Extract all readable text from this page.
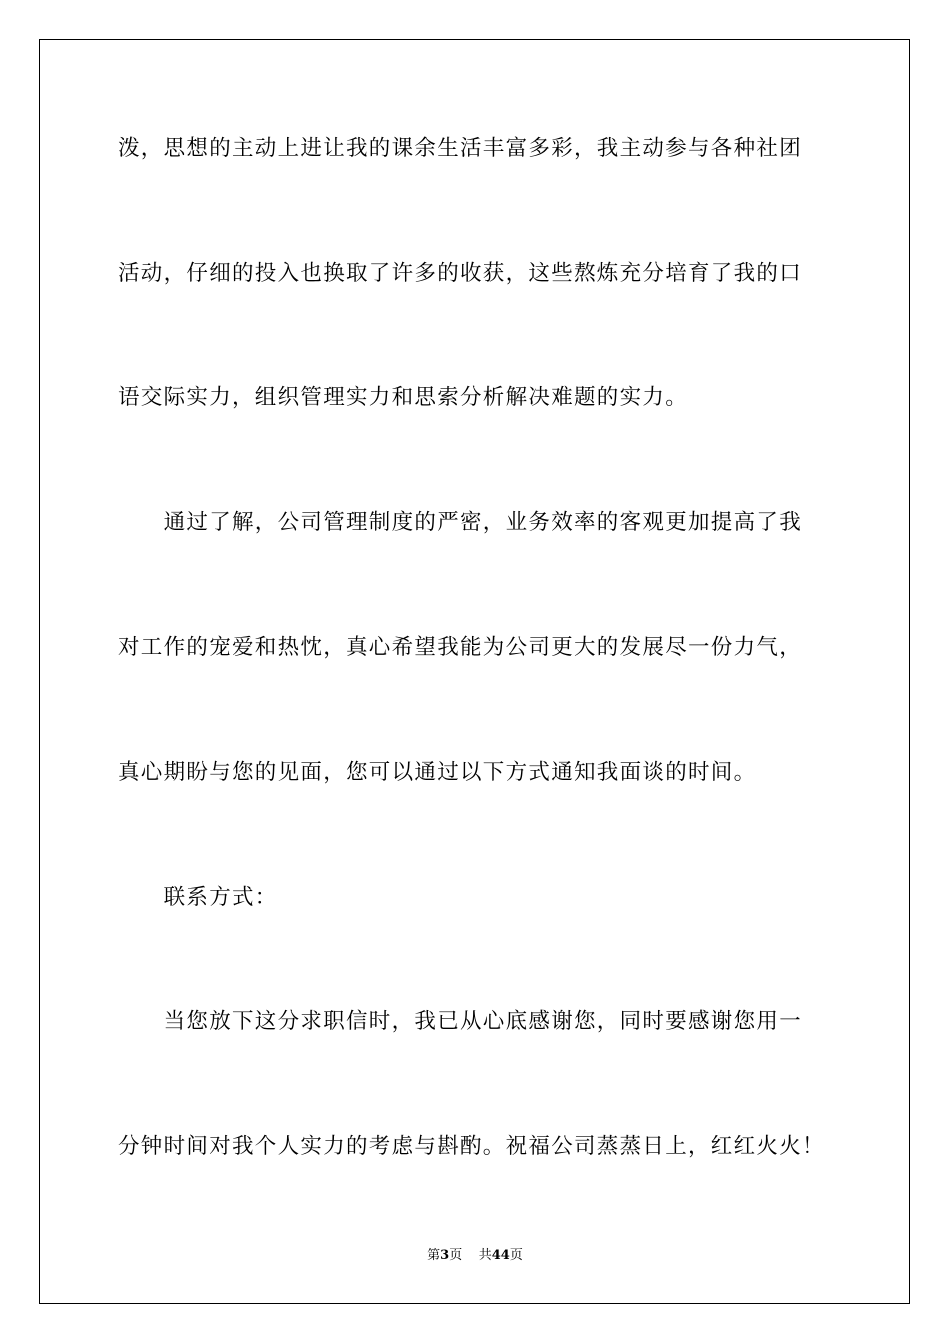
泼，思想的主动上进让我的课余生活丰富多彩，我主动参与各种社团
活动，仔细的投入也换取了许多的收获，这些熬炼充分培育了我的口
语交际实力，组织管理实力和思索分析解决难题的实力。
　　通过了解，公司管理制度的严密，业务效率的客观更加提高了我
对工作的宠爱和热忱，真心希望我能为公司更大的发展尽一份力气，
真心期盼与您的见面，您可以通过以下方式通知我面谈的时间。
　　联系方式：
　　当您放下这分求职信时，我已从心底感谢您，同时要感谢您用一
分钟时间对我个人实力的考虑与斟酌。祝福公司蒸蒸日上，红红火火！
第3页 共44页
